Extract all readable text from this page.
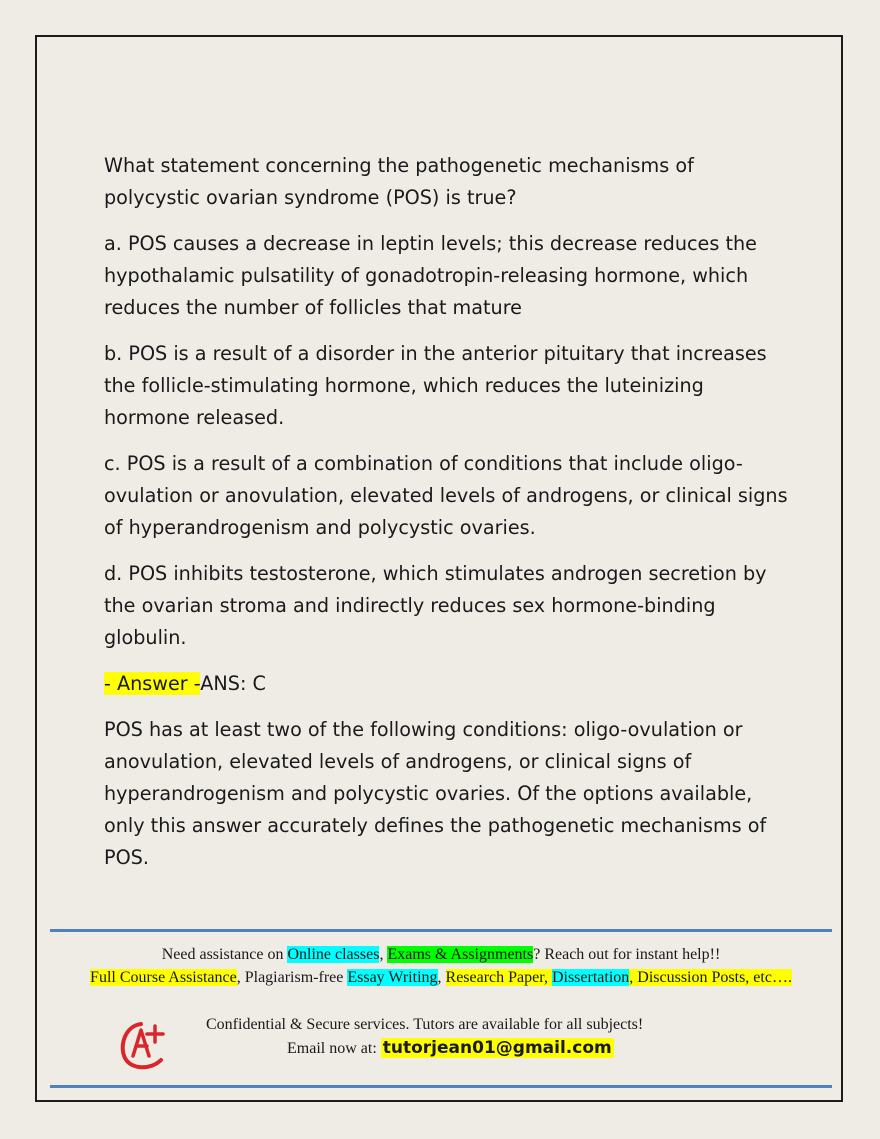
What statement concerning the pathogenetic mechanisms of polycystic ovarian syndrome (POS) is true?

a. POS causes a decrease in leptin levels; this decrease reduces the hypothalamic pulsatility of gonadotropin-releasing hormone, which reduces the number of follicles that mature

b. POS is a result of a disorder in the anterior pituitary that increases the follicle-stimulating hormone, which reduces the luteinizing hormone released.

c. POS is a result of a combination of conditions that include oligo-ovulation or anovulation, elevated levels of androgens, or clinical signs of hyperandrogenism and polycystic ovaries.

d. POS inhibits testosterone, which stimulates androgen secretion by the ovarian stroma and indirectly reduces sex hormone-binding globulin.

- Answer -ANS: C

POS has at least two of the following conditions: oligo-ovulation or anovulation, elevated levels of androgens, or clinical signs of hyperandrogenism and polycystic ovaries. Of the options available, only this answer accurately defines the pathogenetic mechanisms of POS.

Need assistance on Online classes, Exams & Assignments? Reach out for instant help!!
Full Course Assistance, Plagiarism-free Essay Writing, Research Paper, Dissertation, Discussion Posts, etc….
Confidential & Secure services. Tutors are available for all subjects!
Email now at: tutorjean01@gmail.com
